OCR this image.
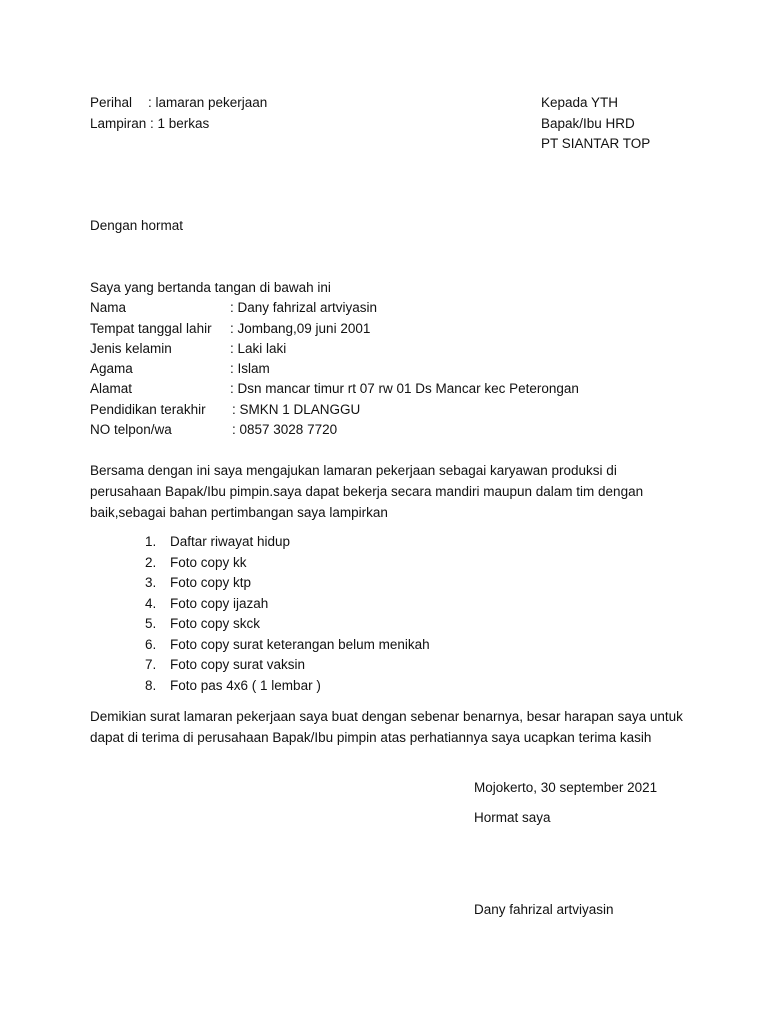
Perihal : lamaran pekerjaan
Lampiran : 1 berkas
Kepada YTH
Bapak/Ibu HRD
PT SIANTAR TOP
Dengan hormat
Saya yang bertanda tangan di bawah ini
Nama	: Dany fahrizal artviyasin
Tempat tanggal lahir	: Jombang,09 juni 2001
Jenis kelamin	: Laki laki
Agama	: Islam
Alamat	: Dsn mancar timur rt 07 rw 01 Ds Mancar kec Peterongan
Pendidikan terakhir	: SMKN 1 DLANGGU
NO telpon/wa	: 0857 3028 7720
Bersama dengan ini saya mengajukan lamaran pekerjaan sebagai karyawan produksi di perusahaan Bapak/Ibu pimpin.saya dapat bekerja secara mandiri maupun dalam tim dengan baik,sebagai bahan pertimbangan saya lampirkan
1.	Daftar riwayat hidup
2.	Foto copy kk
3.	Foto copy ktp
4.	Foto copy ijazah
5.	Foto copy skck
6.	Foto copy surat keterangan belum menikah
7.	Foto copy surat vaksin
8.	Foto pas 4x6 ( 1 lembar )
Demikian surat lamaran pekerjaan saya buat dengan sebenar benarnya, besar harapan saya untuk dapat di terima di perusahaan Bapak/Ibu pimpin atas perhatiannya saya ucapkan terima kasih
Mojokerto, 30 september 2021
Hormat saya
Dany fahrizal artviyasin
